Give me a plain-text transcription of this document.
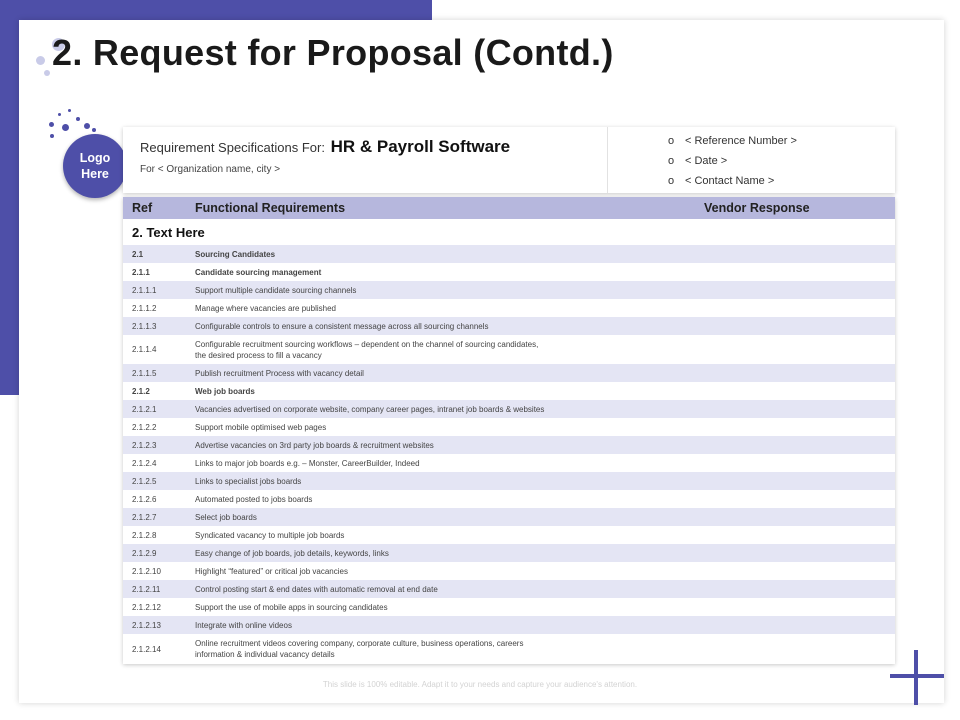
2. Request for Proposal (Contd.)
Logo
Here
Requirement Specifications For: HR & Payroll Software
For < Organization name, city >
o < Reference Number >
o < Date >
o < Contact Name >
Ref	Functional Requirements	Vendor Response
2. Text Here		
2.1	Sourcing Candidates	

2.1.1	Candidate sourcing management	

2.1.1.1	Support multiple candidate sourcing channels	

2.1.1.2	Manage where vacancies are published	

2.1.1.3	Configurable controls to ensure a consistent message across all sourcing channels	

2.1.1.4	Configurable recruitment sourcing workflows – dependent on the channel of sourcing candidates,
the desired process to fill a vacancy	

2.1.1.5	Publish recruitment Process with vacancy detail	

2.1.2	Web job boards	

2.1.2.1	Vacancies advertised on corporate website, company career pages, intranet job boards & websites	

2.1.2.2	Support mobile optimised web pages	

2.1.2.3	Advertise vacancies on 3rd party job boards & recruitment websites	

2.1.2.4	Links to major job boards e.g. – Monster, CareerBuilder, Indeed	

2.1.2.5	Links to specialist jobs boards	

2.1.2.6	Automated posted to jobs boards	

2.1.2.7	Select job boards	

2.1.2.8	Syndicated vacancy to multiple job boards	

2.1.2.9	Easy change of job boards, job details, keywords, links	

2.1.2.10	Highlight “featured” or critical job vacancies	

2.1.2.11	Control posting start & end dates with automatic removal at end date	

2.1.2.12	Support the use of mobile apps in sourcing candidates	

2.1.2.13	Integrate with online videos	

2.1.2.14	Online recruitment videos covering company, corporate culture, business operations, careers
information & individual vacancy details	

This slide is 100% editable. Adapt it to your needs and capture your audience's attention.
